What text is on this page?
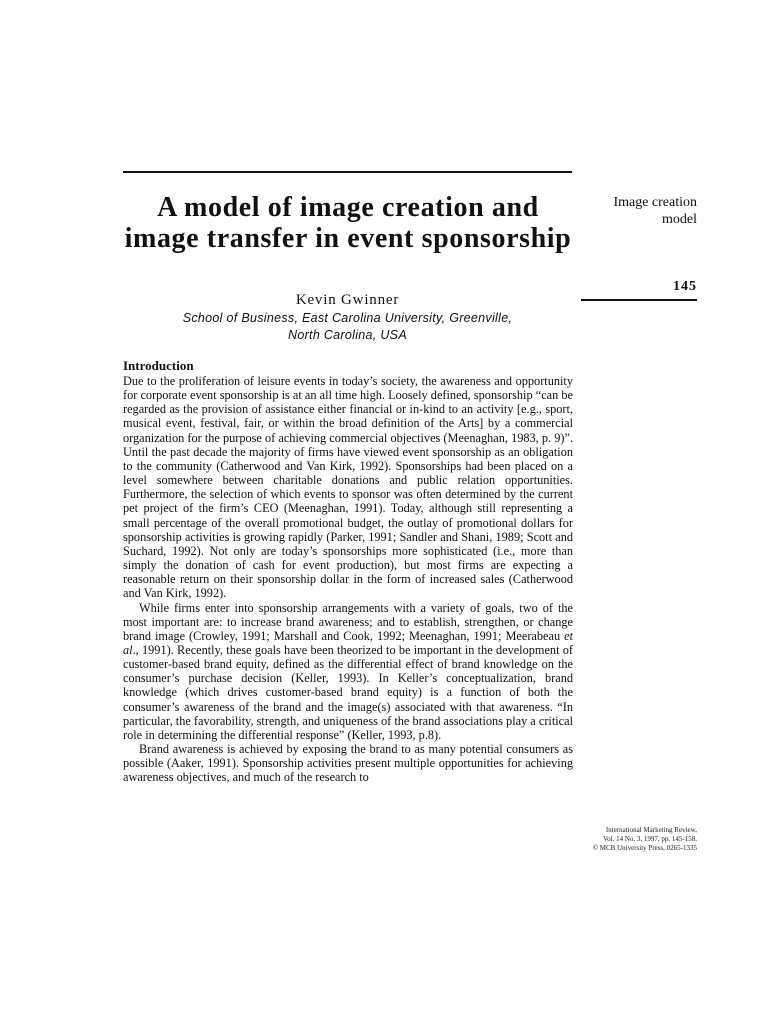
A model of image creation and image transfer in event sponsorship
Kevin Gwinner
School of Business, East Carolina University, Greenville,
North Carolina, USA
Image creation
model
145
Introduction

Due to the proliferation of leisure events in today’s society, the awareness and opportunity for corporate event sponsorship is at an all time high. Loosely defined, sponsorship “can be regarded as the provision of assistance either financial or in-kind to an activity [e.g., sport, musical event, festival, fair, or within the broad definition of the Arts] by a commercial organization for the purpose of achieving commercial objectives (Meenaghan, 1983, p. 9)”. Until the past decade the majority of firms have viewed event sponsorship as an obligation to the community (Catherwood and Van Kirk, 1992). Sponsorships had been placed on a level somewhere between charitable donations and public relation opportunities. Furthermore, the selection of which events to sponsor was often determined by the current pet project of the firm’s CEO (Meenaghan, 1991). Today, although still representing a small percentage of the overall promotional budget, the outlay of promotional dollars for sponsorship activities is growing rapidly (Parker, 1991; Sandler and Shani, 1989; Scott and Suchard, 1992). Not only are today’s sponsorships more sophisticated (i.e., more than simply the donation of cash for event production), but most firms are expecting a reasonable return on their sponsorship dollar in the form of increased sales (Catherwood and Van Kirk, 1992).

While firms enter into sponsorship arrangements with a variety of goals, two of the most important are: to increase brand awareness; and to establish, strengthen, or change brand image (Crowley, 1991; Marshall and Cook, 1992; Meenaghan, 1991; Meerabeau et al., 1991). Recently, these goals have been theorized to be important in the development of customer-based brand equity, defined as the differential effect of brand knowledge on the consumer’s purchase decision (Keller, 1993). In Keller’s conceptualization, brand knowledge (which drives customer-based brand equity) is a function of both the consumer’s awareness of the brand and the image(s) associated with that awareness. “In particular, the favorability, strength, and uniqueness of the brand associations play a critical role in determining the differential response” (Keller, 1993, p.8).

Brand awareness is achieved by exposing the brand to as many potential consumers as possible (Aaker, 1991). Sponsorship activities present multiple opportunities for achieving awareness objectives, and much of the research to

International Marketing Review,
Vol. 14 No. 3, 1997, pp. 145-158.
© MCB University Press, 0265-1335
